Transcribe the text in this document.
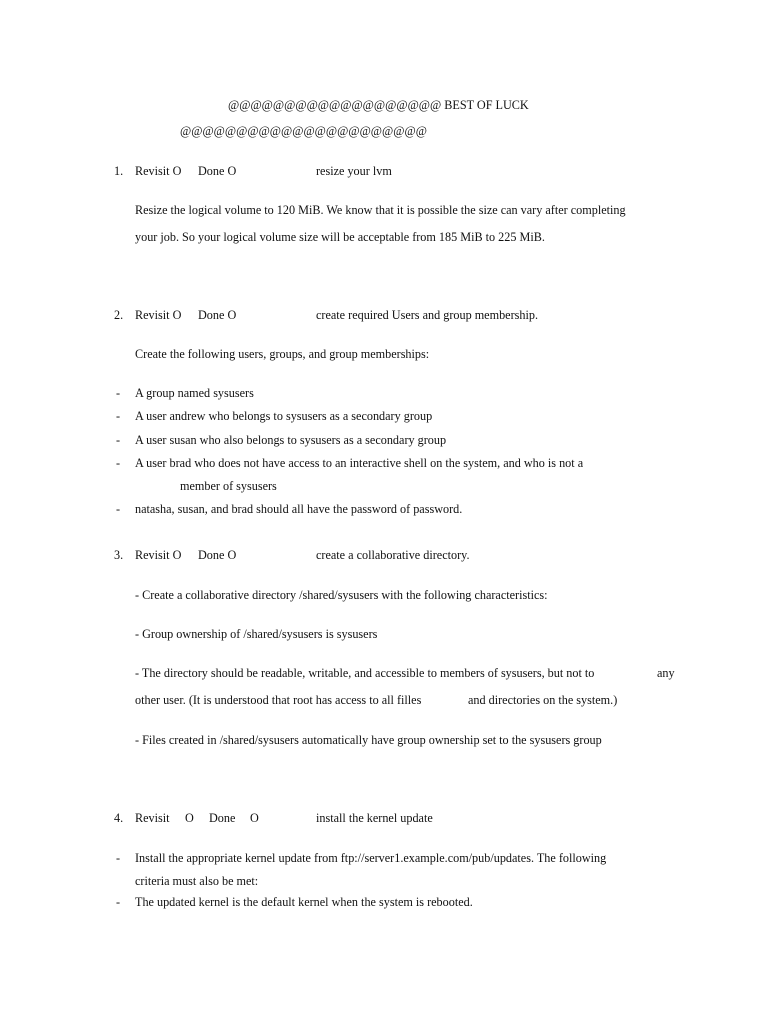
@@@@@@@@@@@@@@@@@@@ BEST OF LUCK
@@@@@@@@@@@@@@@@@@@@@@
1. Revisit O Done O	resize your lvm
Resize the logical volume to 120 MiB. We know that it is possible the size can vary after completing
your job. So your logical volume size will be acceptable from 185 MiB to 225 MiB.
2. Revisit O Done O	create required Users and group membership.
Create the following users, groups, and group memberships:
- A group named sysusers
- A user andrew who belongs to sysusers as a secondary group
- A user susan who also belongs to sysusers as a secondary group
- A user brad who does not have access to an interactive shell on the system, and who is not a
member of sysusers
- natasha, susan, and brad should all have the password of password.
3. Revisit O Done O	create a collaborative directory.
- Create a collaborative directory /shared/sysusers with the following characteristics:
- Group ownership of /shared/sysusers is sysusers
- The directory should be readable, writable, and accessible to members of sysusers, but not to	any
other user. (It is understood that root has access to all filles	and directories on the system.)
- Files created in /shared/sysusers automatically have group ownership set to the sysusers group
4. Revisit O Done O	install the kernel update
- Install the appropriate kernel update from ftp://server1.example.com/pub/updates. The following
criteria must also be met:
- The updated kernel is the default kernel when the system is rebooted.
